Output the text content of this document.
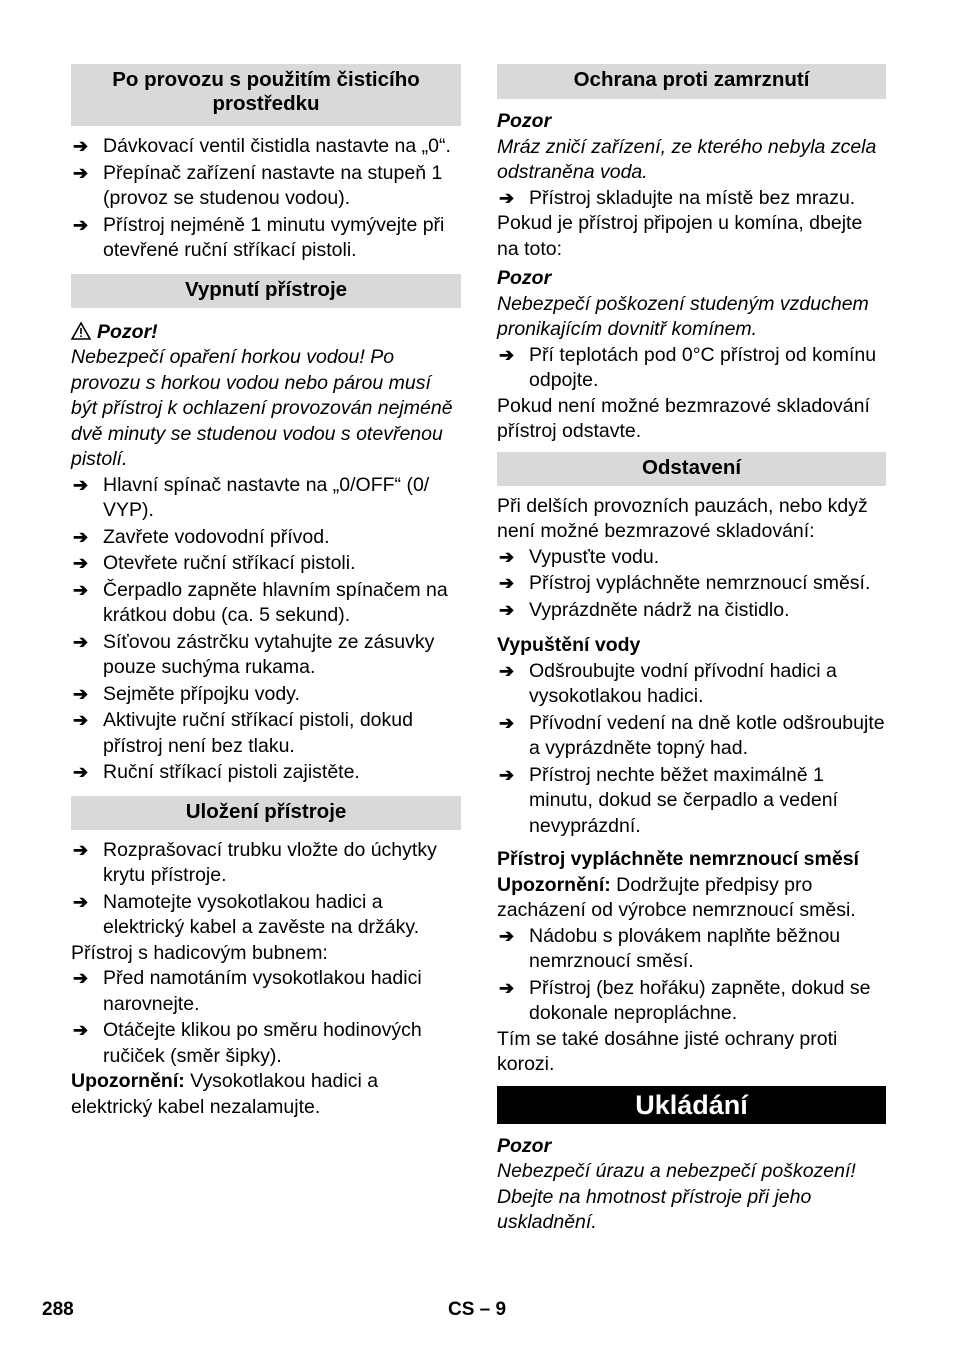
Po provozu s použitím čisticího prostředku
➔ Dávkovací ventil čistidla nastavte na „0“.
➔ Přepínač zařízení nastavte na stupeň 1 (provoz se studenou vodou).
➔ Přístroj nejméně 1 minutu vymývejte při otevřené ruční stříkací pistoli.
Vypnutí přístroje
Pozor!
Nebezpečí opaření horkou vodou! Po provozu s horkou vodou nebo párou musí být přístroj k ochlazení provozován nejméně dvě minuty se studenou vodou s otevřenou pistolí.
➔ Hlavní spínač nastavte na „0/OFF“ (0/ VYP).
➔ Zavřete vodovodní přívod.
➔ Otevřete ruční stříkací pistoli.
➔ Čerpadlo zapněte hlavním spínačem na krátkou dobu (ca. 5 sekund).
➔ Síťovou zástrčku vytahujte ze zásuvky pouze suchýma rukama.
➔ Sejměte přípojku vody.
➔ Aktivujte ruční stříkací pistoli, dokud přístroj není bez tlaku.
➔ Ruční stříkací pistoli zajistěte.
Uložení přístroje
➔ Rozprašovací trubku vložte do úchytky krytu přístroje.
➔ Namotejte vysokotlakou hadici a elektrický kabel a zavěste na držáky.
Přístroj s hadicovým bubnem:
➔ Před namotáním vysokotlakou hadici narovnejte.
➔ Otáčejte klikou po směru hodinových ručiček (směr šipky).
Upozornění: Vysokotlakou hadici a elektrický kabel nezalamujte.
Ochrana proti zamrznutí
Pozor
Mráz zničí zařízení, ze kterého nebyla zcela odstraněna voda.
➔ Přístroj skladujte na místě bez mrazu.
Pokud je přístroj připojen u komína, dbejte na toto:
Pozor
Nebezpečí poškození studeným vzduchem pronikajícím dovnitř komínem.
➔ Pří teplotách pod 0°C přístroj od komínu odpojte.
Pokud není možné bezmrazové skladování přístroj odstavte.
Odstavení
Při delších provozních pauzách, nebo když není možné bezmrazové skladování:
➔ Vypusťte vodu.
➔ Přístroj vypláchněte nemrznoucí směsí.
➔ Vyprázdněte nádrž na čistidlo.
Vypuštění vody
➔ Odšroubujte vodní přívodní hadici a vysokotlakou hadici.
➔ Přívodní vedení na dně kotle odšroubujte a vyprázdněte topný had.
➔ Přístroj nechte běžet maximálně 1 minutu, dokud se čerpadlo a vedení nevyprázdní.
Přístroj vypláchněte nemrznoucí směsí
Upozornění: Dodržujte předpisy pro zacházení od výrobce nemrznoucí směsi.
➔ Nádobu s plovákem naplňte běžnou nemrznoucí směsí.
➔ Přístroj (bez hořáku) zapněte, dokud se dokonale nepropláchne.
Tím se také dosáhne jisté ochrany proti korozi.
Ukládání
Pozor
Nebezpečí úrazu a nebezpečí poškození! Dbejte na hmotnost přístroje při jeho uskladnění.
288	CS – 9
